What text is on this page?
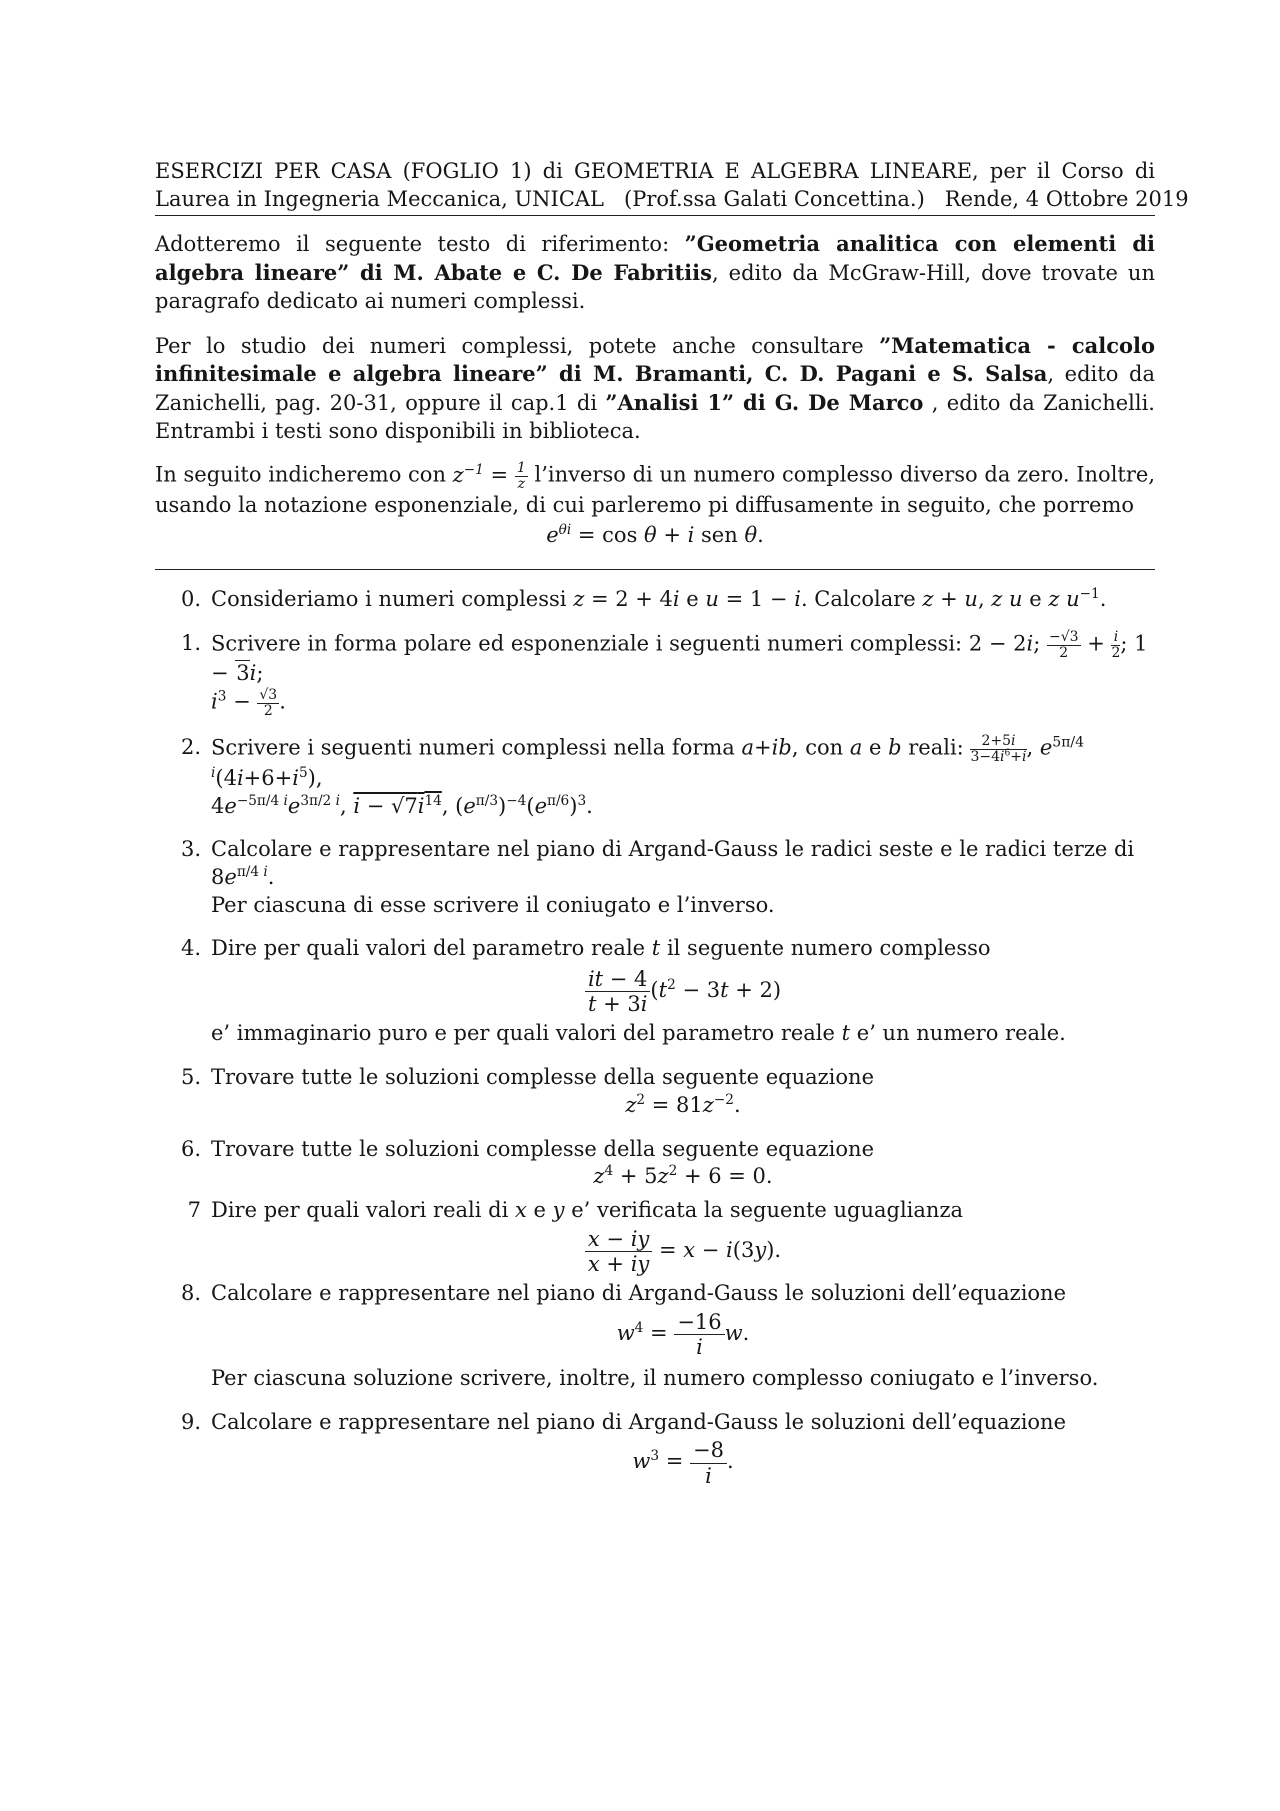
ESERCIZI PER CASA (FOGLIO 1) di GEOMETRIA E ALGEBRA LINEARE, per il Corso di
Laurea in Ingegneria Meccanica, UNICAL   (Prof.ssa Galati Concettina.)   Rende, 4 Ottobre 2019

Adotteremo il seguente testo di riferimento: ”Geometria analitica con elementi di algebra lineare” di M. Abate e C. De Fabritiis, edito da McGraw-Hill, dove trovate un paragrafo dedicato ai numeri complessi.

Per lo studio dei numeri complessi, potete anche consultare ”Matematica - calcolo infinitesimale e algebra lineare” di M. Bramanti, C. D. Pagani e S. Salsa, edito da Zanichelli, pag. 20-31, oppure il cap.1 di ”Analisi 1” di G. De Marco , edito da Zanichelli. Entrambi i testi sono disponibili in biblioteca.

In seguito indicheremo con $z^{-1} = \frac{1}{z}$ l’inverso di un numero complesso diverso da zero. Inoltre, usando la notazione esponenziale, di cui parleremo pi diffusamente in seguito, che porremo

$e^{\theta i} = \cos \theta + i$ sen θ.
0. Consideriamo i numeri complessi z = 2 + 4i e u = 1 − i. Calcolare z + u, z u e z $u^{-1}$.
1. Scrivere in forma polare ed esponenziale i seguenti numeri complessi: 2 − 2i; $\frac{-√3}{2} + \frac{i}{2}$ ; 1 − 3i;
$i^3 - \frac{√3}{2}$ .
2. Scrivere i seguenti numeri complessi nella forma a+ib, con a e b reali: $\frac{2+5i}{3-4i^6+i}$ , $e^{5\pi/4 i}(4i+6+i^5)$,
$4e^{-5\pi/4 i}e^{3\pi/2 i}$, $i - √7i^{14}$, $(e^{\pi/3})^{-4}(e^{\pi/6})^3$.
3. Calcolare e rappresentare nel piano di Argand-Gauss le radici seste e le radici terze di $8e^{\pi/4 i}$.
Per ciascuna di esse scrivere il coniugato e l’inverso.
4. Dire per quali valori del parametro reale t il seguente numero complesso
$\frac{it - 4}{t + 3i} (t^2 - 3t + 2)$
e’ immaginario puro e per quali valori del parametro reale t e’ un numero reale.
5. Trovare tutte le soluzioni complesse della seguente equazione
$z^2 = 81z^{-2}$.
6. Trovare tutte le soluzioni complesse della seguente equazione
$z^4 + 5z^2 + 6 = 0$.
7 Dire per quali valori reali di x e y e’ verificata la seguente uguaglianza
$\frac{x - iy}{x + iy} = x - i(3y)$.
8. Calcolare e rappresentare nel piano di Argand-Gauss le soluzioni dell’equazione
$w^4 = \frac{-16}{i} w$.
Per ciascuna soluzione scrivere, inoltre, il numero complesso coniugato e l’inverso.
9. Calcolare e rappresentare nel piano di Argand-Gauss le soluzioni dell’equazione
$w^3 = \frac{-8}{i}$ .
